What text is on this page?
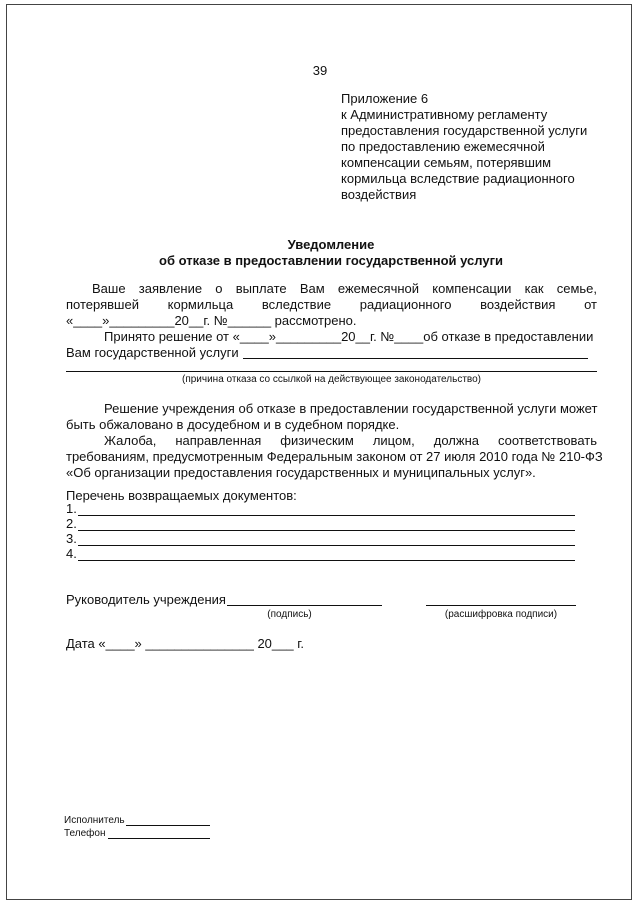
39
Приложение 6
к Административному регламенту
предоставления государственной услуги
по предоставлению ежемесячной
компенсации семьям, потерявшим
кормильца вследствие радиационного
воздействия
Уведомление
об отказе в предоставлении государственной услуги
Ваше заявление о выплате Вам ежемесячной компенсации как семье,
потерявшей кормильца вследствие радиационного воздействия от
«____»_________20__г. №______ рассмотрено.
Принято решение от «____»_________20__г. №____об отказе в предоставлении
Вам государственной услуги
(причина отказа со ссылкой на действующее законодательство)
Решение учреждения об отказе в предоставлении государственной услуги может
быть обжаловано в досудебном и в судебном порядке.
Жалоба, направленная физическим лицом, должна соответствовать
требованиям, предусмотренным Федеральным законом от 27 июля 2010 года № 210-ФЗ
«Об организации предоставления государственных и муниципальных услуг».
Перечень возвращаемых документов:
1.
2.
3.
4.
Руководитель учреждения
(подпись)	(расшифровка подписи)
Дата «____» _______________ 20___ г.
Исполнитель
Телефон
